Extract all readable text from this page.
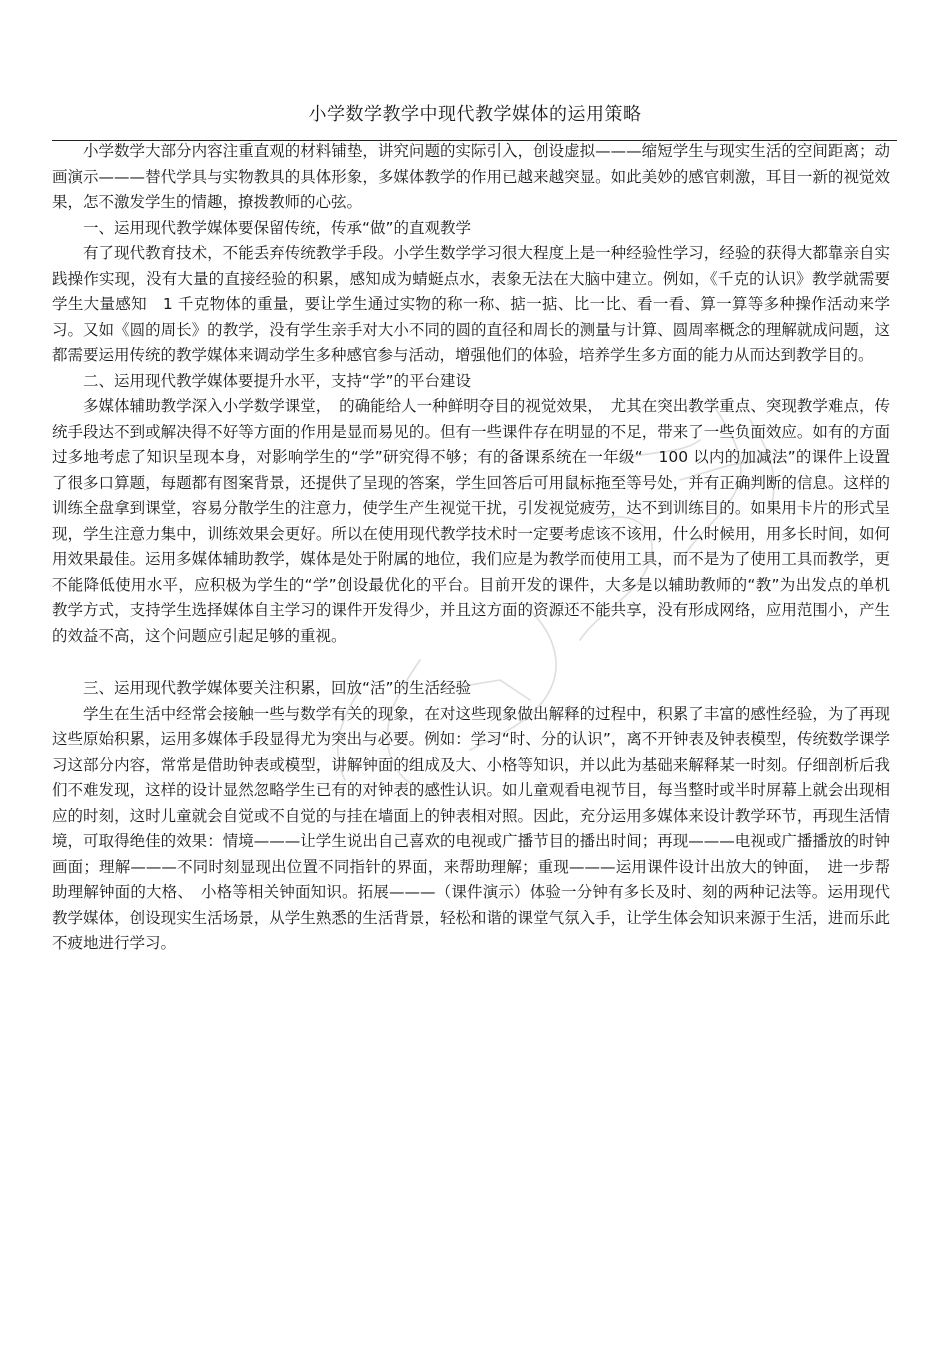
小学数学教学中现代教学媒体的运用策略

小学数学大部分内容注重直观的材料铺垫，讲究问题的实际引入，创设虚拟———缩短学生与现实生活的空间距离；动画演示———替代学具与实物教具的具体形象，多媒体教学的作用已越来越突显。如此美妙的感官刺激，耳目一新的视觉效果，怎不激发学生的情趣，撩拨教师的心弦。

一、运用现代教学媒体要保留传统，传承“做”的直观教学

有了现代教育技术，不能丢弃传统教学手段。小学生数学学习很大程度上是一种经验性学习，经验的获得大都靠亲自实践操作实现，没有大量的直接经验的积累，感知成为蜻蜓点水，表象无法在大脑中建立。例如，《千克的认识》教学就需要学生大量感知　1 千克物体的重量，要让学生通过实物的称一称、掂一掂、比一比、看一看、算一算等多种操作活动来学习。又如《圆的周长》的教学，没有学生亲手对大小不同的圆的直径和周长的测量与计算、圆周率概念的理解就成问题，这都需要运用传统的教学媒体来调动学生多种感官参与活动，增强他们的体验，培养学生多方面的能力从而达到教学目的。

二、运用现代教学媒体要提升水平，支持“学”的平台建设

多媒体辅助教学深入小学数学课堂，　的确能给人一种鲜明夺目的视觉效果，　尤其在突出教学重点、突现教学难点，传统手段达不到或解决得不好等方面的作用是显而易见的。但有一些课件存在明显的不足，带来了一些负面效应。如有的方面过多地考虑了知识呈现本身，对影响学生的“学”研究得不够；有的备课系统在一年级“　100 以内的加减法”的课件上设置了很多口算题，每题都有图案背景，还提供了呈现的答案，学生回答后可用鼠标拖至等号处，并有正确判断的信息。这样的训练全盘拿到课堂，容易分散学生的注意力，使学生产生视觉干扰，引发视觉疲劳，达不到训练目的。如果用卡片的形式呈现，学生注意力集中，训练效果会更好。所以在使用现代教学技术时一定要考虑该不该用，什么时候用，用多长时间，如何用效果最佳。运用多媒体辅助教学，媒体是处于附属的地位，我们应是为教学而使用工具，而不是为了使用工具而教学，更不能降低使用水平，应积极为学生的“学”创设最优化的平台。目前开发的课件，大多是以辅助教师的“教”为出发点的单机教学方式，支持学生选择媒体自主学习的课件开发得少，并且这方面的资源还不能共享，没有形成网络，应用范围小，产生的效益不高，这个问题应引起足够的重视。

三、运用现代教学媒体要关注积累，回放“活”的生活经验

学生在生活中经常会接触一些与数学有关的现象，在对这些现象做出解释的过程中，积累了丰富的感性经验，为了再现这些原始积累，运用多媒体手段显得尤为突出与必要。例如：学习“时、分的认识”，离不开钟表及钟表模型，传统数学课学习这部分内容，常常是借助钟表或模型，讲解钟面的组成及大、小格等知识，并以此为基础来解释某一时刻。仔细剖析后我们不难发现，这样的设计显然忽略学生已有的对钟表的感性认识。如儿童观看电视节目，每当整时或半时屏幕上就会出现相应的时刻，这时儿童就会自觉或不自觉的与挂在墙面上的钟表相对照。因此，充分运用多媒体来设计教学环节，再现生活情境，可取得绝佳的效果：情境———让学生说出自己喜欢的电视或广播节目的播出时间；再现———电视或广播播放的时钟画面；理解———不同时刻显现出位置不同指针的界面，来帮助理解；重现———运用课件设计出放大的钟面，　进一步帮助理解钟面的大格、　小格等相关钟面知识。拓展———（课件演示）体验一分钟有多长及时、刻的两种记法等。运用现代教学媒体，创设现实生活场景，从学生熟悉的生活背景，轻松和谐的课堂气氛入手，让学生体会知识来源于生活，进而乐此不疲地进行学习。
